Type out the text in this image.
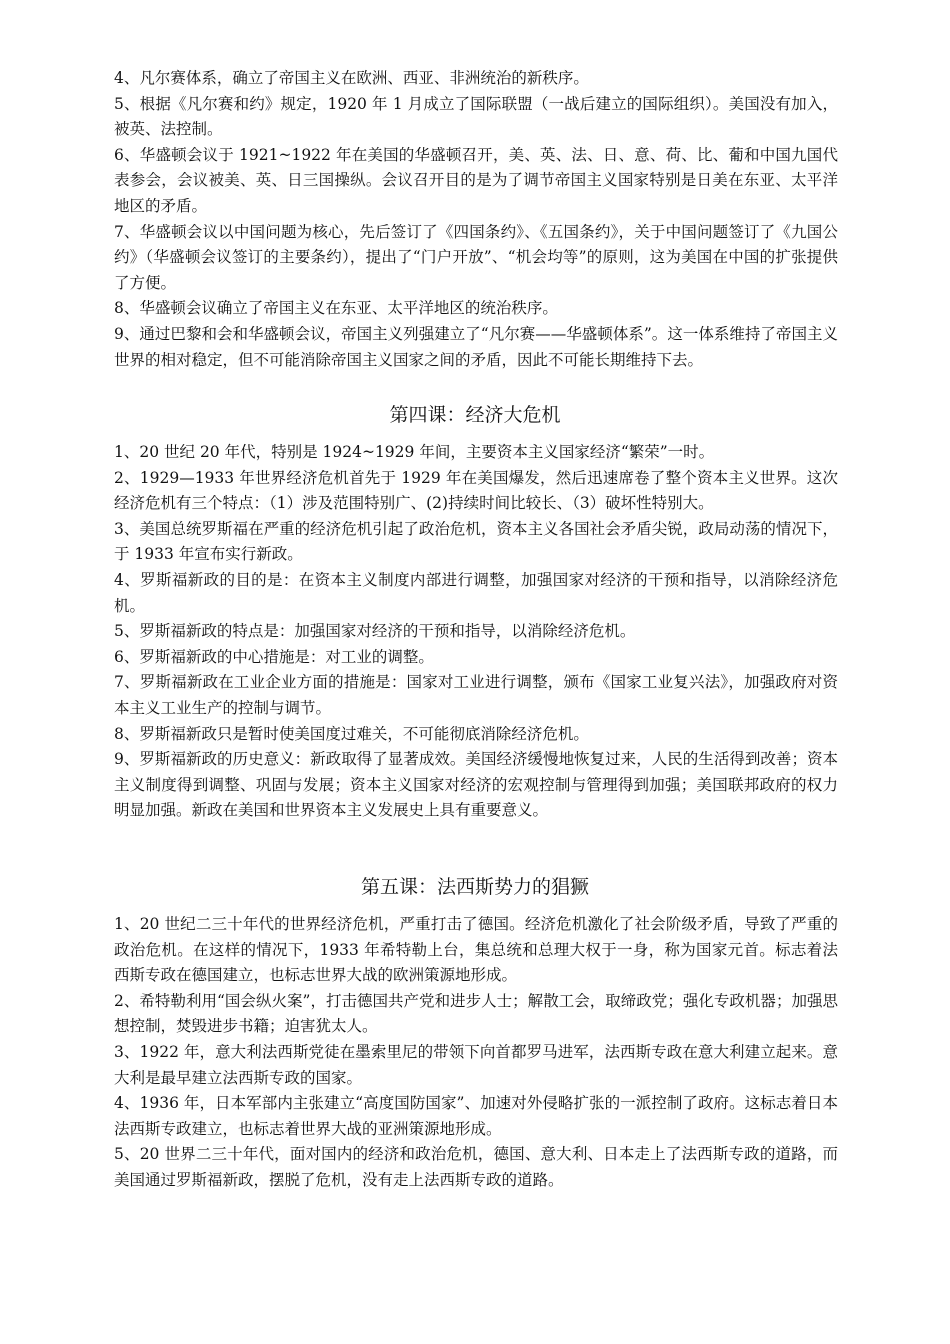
4、凡尔赛体系，确立了帝国主义在欧洲、西亚、非洲统治的新秩序。
5、根据《凡尔赛和约》规定，1920 年 1 月成立了国际联盟（一战后建立的国际组织）。美国没有加入，被英、法控制。
6、华盛顿会议于 1921~1922 年在美国的华盛顿召开，美、英、法、日、意、荷、比、葡和中国九国代表参会，会议被美、英、日三国操纵。会议召开目的是为了调节帝国主义国家特别是日美在东亚、太平洋地区的矛盾。
7、华盛顿会议以中国问题为核心，先后签订了《四国条约》、《五国条约》，关于中国问题签订了《九国公约》（华盛顿会议签订的主要条约），提出了“门户开放”、“机会均等”的原则，这为美国在中国的扩张提供了方便。
8、华盛顿会议确立了帝国主义在东亚、太平洋地区的统治秩序。
9、通过巴黎和会和华盛顿会议，帝国主义列强建立了“凡尔赛——华盛顿体系”。这一体系维持了帝国主义世界的相对稳定，但不可能消除帝国主义国家之间的矛盾，因此不可能长期维持下去。
第四课：经济大危机
1、20 世纪 20 年代，特别是 1924~1929 年间，主要资本主义国家经济“繁荣”一时。
2、1929—1933 年世界经济危机首先于 1929 年在美国爆发，然后迅速席卷了整个资本主义世界。这次经济危机有三个特点：（1）涉及范围特别广、(2)持续时间比较长、（3）破坏性特别大。
3、美国总统罗斯福在严重的经济危机引起了政治危机，资本主义各国社会矛盾尖锐，政局动荡的情况下，于 1933 年宣布实行新政。
4、罗斯福新政的目的是：在资本主义制度内部进行调整，加强国家对经济的干预和指导，以消除经济危机。
5、罗斯福新政的特点是：加强国家对经济的干预和指导，以消除经济危机。
6、罗斯福新政的中心措施是：对工业的调整。
7、罗斯福新政在工业企业方面的措施是：国家对工业进行调整，颁布《国家工业复兴法》，加强政府对资本主义工业生产的控制与调节。
8、罗斯福新政只是暂时使美国度过难关，不可能彻底消除经济危机。
9、罗斯福新政的历史意义：新政取得了显著成效。美国经济缓慢地恢复过来，人民的生活得到改善；资本主义制度得到调整、巩固与发展；资本主义国家对经济的宏观控制与管理得到加强；美国联邦政府的权力明显加强。新政在美国和世界资本主义发展史上具有重要意义。
第五课：法西斯势力的猖獗
1、20 世纪二三十年代的世界经济危机，严重打击了德国。经济危机激化了社会阶级矛盾，导致了严重的政治危机。在这样的情况下，1933 年希特勒上台，集总统和总理大权于一身，称为国家元首。标志着法西斯专政在德国建立，也标志世界大战的欧洲策源地形成。
2、希特勒利用“国会纵火案”，打击德国共产党和进步人士；解散工会，取缔政党；强化专政机器；加强思想控制，焚毁进步书籍；迫害犹太人。
3、1922 年，意大利法西斯党徒在墨索里尼的带领下向首都罗马进军，法西斯专政在意大利建立起来。意大利是最早建立法西斯专政的国家。
4、1936 年，日本军部内主张建立“高度国防国家”、加速对外侵略扩张的一派控制了政府。这标志着日本法西斯专政建立，也标志着世界大战的亚洲策源地形成。
5、20 世界二三十年代，面对国内的经济和政治危机，德国、意大利、日本走上了法西斯专政的道路，而美国通过罗斯福新政，摆脱了危机，没有走上法西斯专政的道路。
